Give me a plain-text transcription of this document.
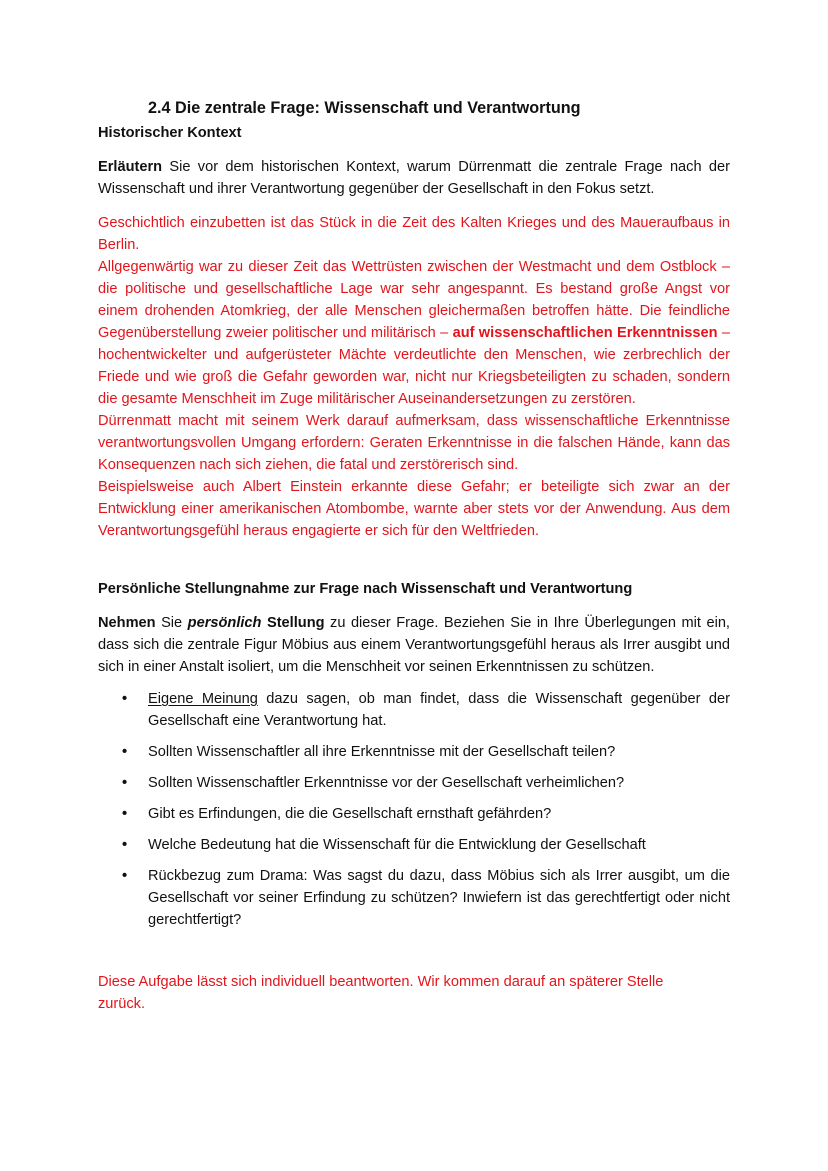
2.4 Die zentrale Frage: Wissenschaft und Verantwortung
Historischer Kontext

Erläutern Sie vor dem historischen Kontext, warum Dürrenmatt die zentrale Frage nach der Wissenschaft und ihrer Verantwortung gegenüber der Gesellschaft in den Fokus setzt.

Geschichtlich einzubetten ist das Stück in die Zeit des Kalten Krieges und des Maueraufbaus in Berlin.

Allgegenwärtig war zu dieser Zeit das Wettrüsten zwischen der Westmacht und dem Ostblock – die politische und gesellschaftliche Lage war sehr angespannt. Es bestand große Angst vor einem drohenden Atomkrieg, der alle Menschen gleichermaßen betroffen hätte. Die feindliche Gegenüberstellung zweier politischer und militärisch – auf wissenschaftlichen Erkenntnissen – hochentwickelter und aufgerüsteter Mächte verdeutlichte den Menschen, wie zerbrechlich der Friede und wie groß die Gefahr geworden war, nicht nur Kriegsbeteiligten zu schaden, sondern die gesamte Menschheit im Zuge militärischer Auseinandersetzungen zu zerstören.

Dürrenmatt macht mit seinem Werk darauf aufmerksam, dass wissenschaftliche Erkenntnisse verantwortungsvollen Umgang erfordern: Geraten Erkenntnisse in die falschen Hände, kann das Konsequenzen nach sich ziehen, die fatal und zerstörerisch sind.

Beispielsweise auch Albert Einstein erkannte diese Gefahr; er beteiligte sich zwar an der Entwicklung einer amerikanischen Atombombe, warnte aber stets vor der Anwendung. Aus dem Verantwortungsgefühl heraus engagierte er sich für den Weltfrieden.

Persönliche Stellungnahme zur Frage nach Wissenschaft und Verantwortung

Nehmen Sie persönlich Stellung zu dieser Frage. Beziehen Sie in Ihre Überlegungen mit ein, dass sich die zentrale Figur Möbius aus einem Verantwortungsgefühl heraus als Irrer ausgibt und sich in einer Anstalt isoliert, um die Menschheit vor seinen Erkenntnissen zu schützen.

• Eigene Meinung dazu sagen, ob man findet, dass die Wissenschaft gegenüber der Gesellschaft eine Verantwortung hat.
• Sollten Wissenschaftler all ihre Erkenntnisse mit der Gesellschaft teilen?
• Sollten Wissenschaftler Erkenntnisse vor der Gesellschaft verheimlichen?
• Gibt es Erfindungen, die die Gesellschaft ernsthaft gefährden?
• Welche Bedeutung hat die Wissenschaft für die Entwicklung der Gesellschaft
• Rückbezug zum Drama: Was sagst du dazu, dass Möbius sich als Irrer ausgibt, um die Gesellschaft vor seiner Erfindung zu schützen? Inwiefern ist das gerechtfertigt oder nicht gerechtfertigt?

Diese Aufgabe lässt sich individuell beantworten. Wir kommen darauf an späterer Stelle zurück.
